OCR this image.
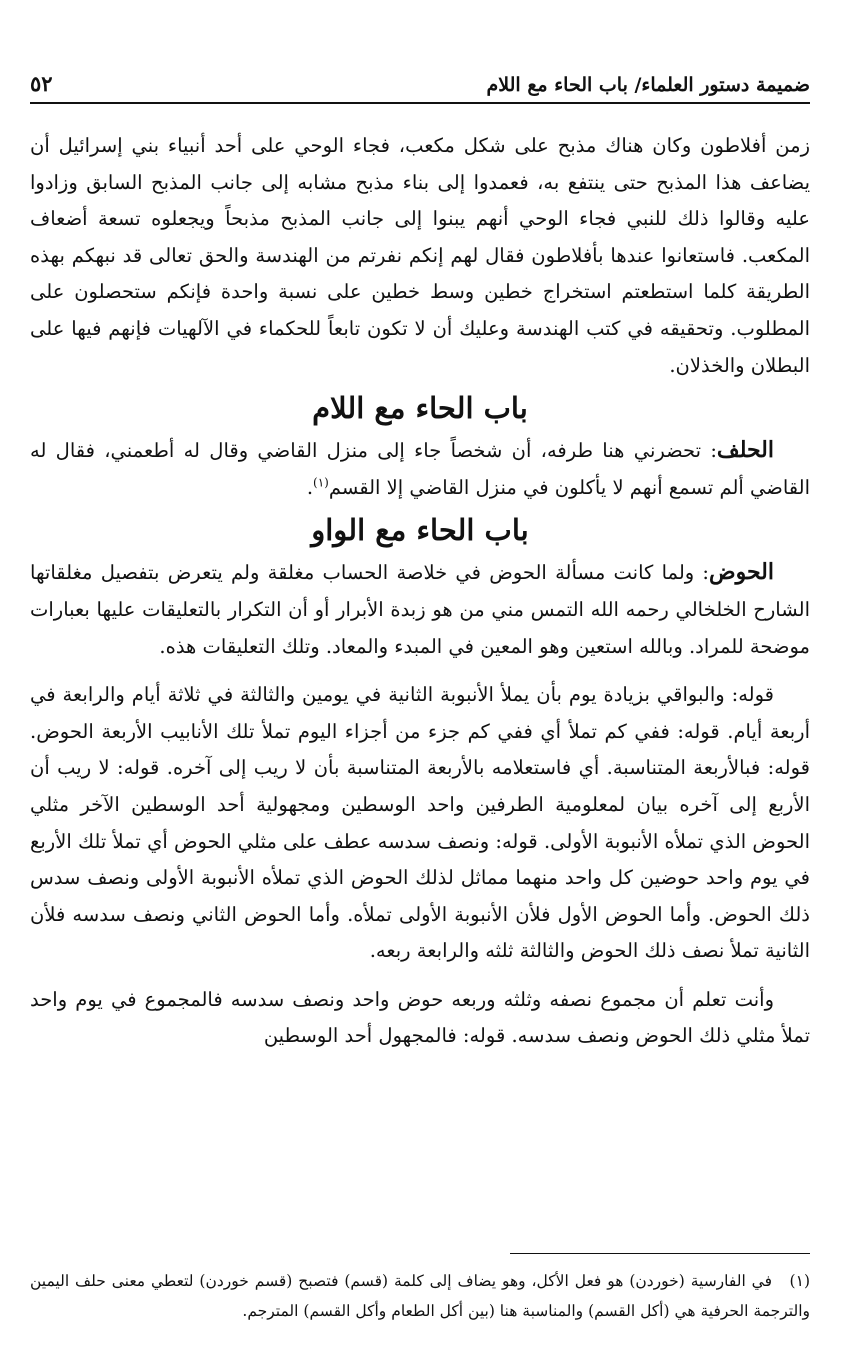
ضميمة دستور العلماء/ باب الحاء مع اللام
٥٢

زمن أفلاطون وكان هناك مذبح على شكل مكعب، فجاء الوحي على أحد أنبياء بني إسرائيل أن يضاعف هذا المذبح حتى ينتفع به، فعمدوا إلى بناء مذبح مشابه إلى جانب المذبح السابق وزادوا عليه وقالوا ذلك للنبي فجاء الوحي أنهم يبنوا إلى جانب المذبح مذبحاً ويجعلوه تسعة أضعاف المكعب. فاستعانوا عندها بأفلاطون فقال لهم إنكم نفرتم من الهندسة والحق تعالى قد نبهكم بهذه الطريقة كلما استطعتم استخراج خطين وسط خطين على نسبة واحدة فإنكم ستحصلون على المطلوب. وتحقيقه في كتب الهندسة وعليك أن لا تكون تابعاً للحكماء في الآلهيات فإنهم فيها على البطلان والخذلان.

باب الحاء مع اللام

الحلف: تحضرني هنا طرفه، أن شخصاً جاء إلى منزل القاضي وقال له أطعمني، فقال له القاضي ألم تسمع أنهم لا يأكلون في منزل القاضي إلا القسم$^{(١)}$.

باب الحاء مع الواو

الحوض: ولما كانت مسألة الحوض في خلاصة الحساب مغلقة ولم يتعرض بتفصيل مغلقاتها الشارح الخلخالي رحمه الله التمس مني من هو زبدة الأبرار أو أن التكرار بالتعليقات عليها بعبارات موضحة للمراد. وبالله استعين وهو المعين في المبدء والمعاد. وتلك التعليقات هذه.

قوله: والبواقي بزيادة يوم بأن يملأ الأنبوبة الثانية في يومين والثالثة في ثلاثة أيام والرابعة في أربعة أيام. قوله: ففي كم تملأ أي ففي كم جزء من أجزاء اليوم تملأ تلك الأنابيب الأربعة الحوض. قوله: فبالأربعة المتناسبة. أي فاستعلامه بالأربعة المتناسبة بأن لا ريب إلى آخره. قوله: لا ريب أن الأربع إلى آخره بيان لمعلومية الطرفين واحد الوسطين ومجهولية أحد الوسطين الآخر مثلي الحوض الذي تملأه الأنبوبة الأولى. قوله: ونصف سدسه عطف على مثلي الحوض أي تملأ تلك الأربع في يوم واحد حوضين كل واحد منهما مماثل لذلك الحوض الذي تملأه الأنبوبة الأولى ونصف سدس ذلك الحوض. وأما الحوض الأول فلأن الأنبوبة الأولى تملأه. وأما الحوض الثاني ونصف سدسه فلأن الثانية تملأ نصف ذلك الحوض والثالثة ثلثه والرابعة ربعه.

وأنت تعلم أن مجموع نصفه وثلثه وربعه حوض واحد ونصف سدسه فالمجموع في يوم واحد تملأ مثلي ذلك الحوض ونصف سدسه. قوله: فالمجهول أحد الوسطين

(١)في الفارسية (خوردن) هو فعل الأكل، وهو يضاف إلى كلمة (قسم) فتصبح (قسم خوردن) لتعطي معنى حلف اليمين والترجمة الحرفية هي (أكل القسم) والمناسبة هنا (بين أكل الطعام وأكل القسم) المترجم.
